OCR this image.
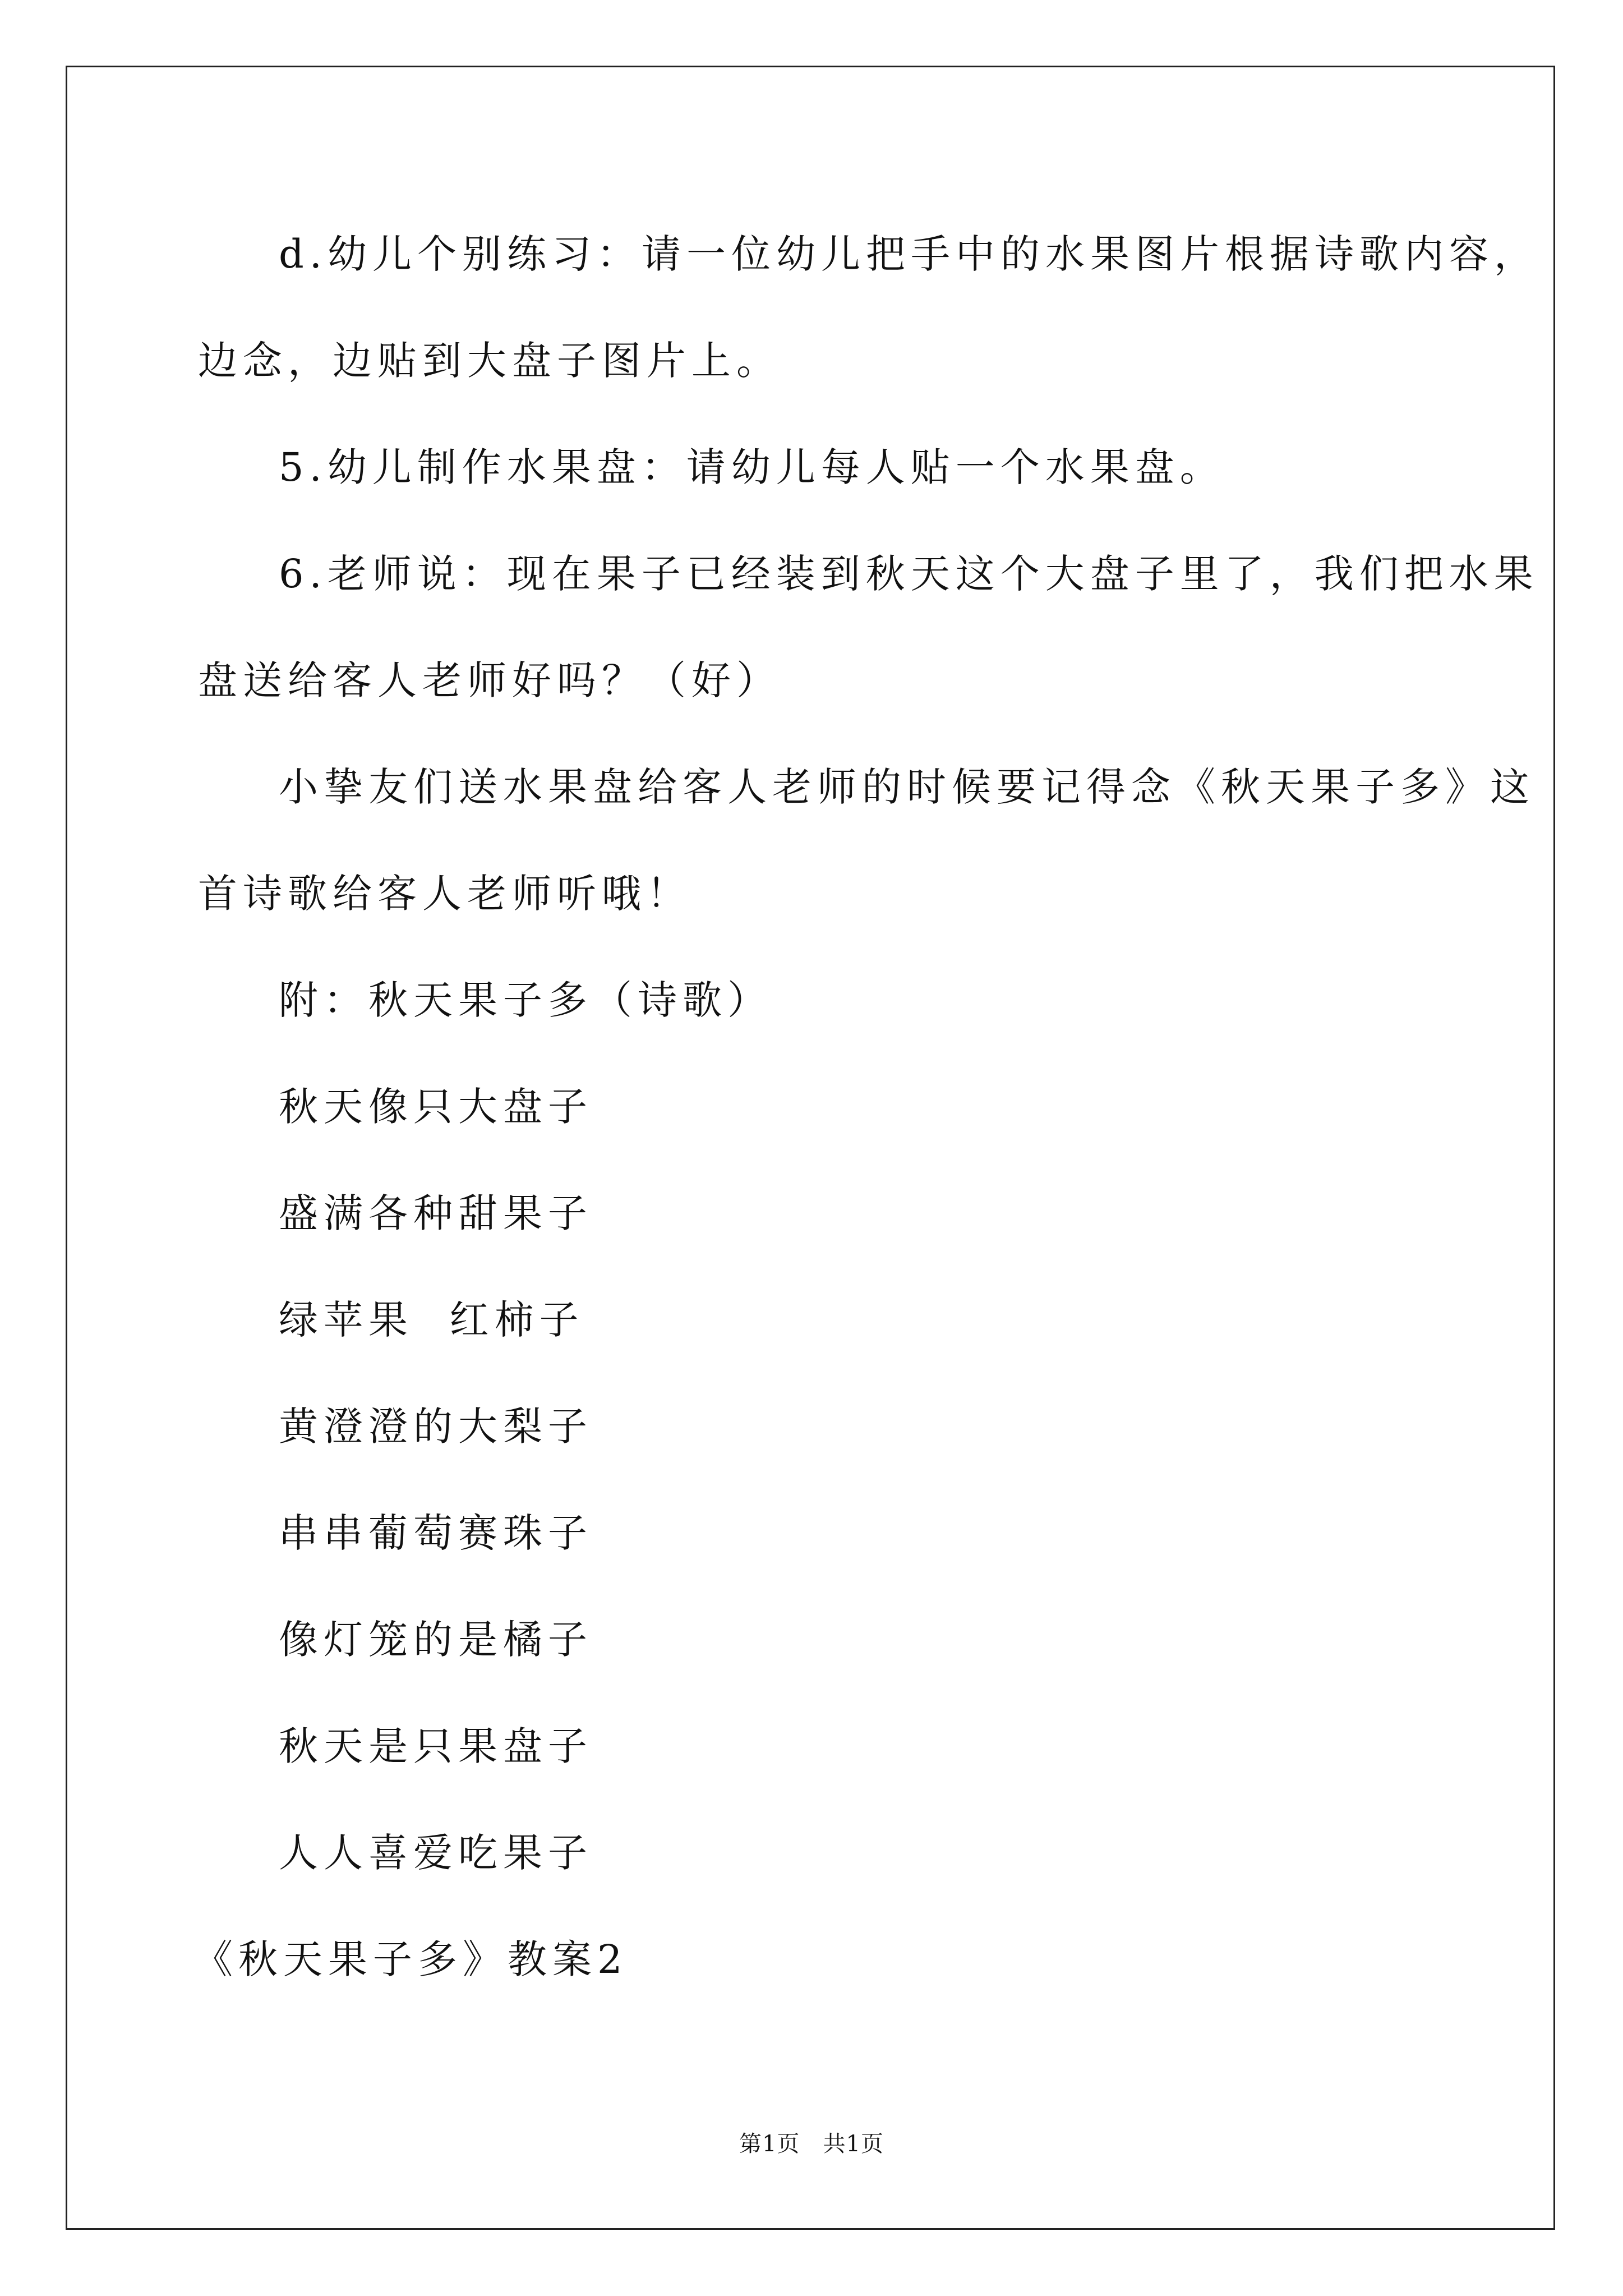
d.幼儿个别练习：请一位幼儿把手中的水果图片根据诗歌内容，
边念，边贴到大盘子图片上。
5.幼儿制作水果盘：请幼儿每人贴一个水果盘。
6.老师说：现在果子已经装到秋天这个大盘子里了，我们把水果
盘送给客人老师好吗？（好）
小挚友们送水果盘给客人老师的时候要记得念《秋天果子多》这
首诗歌给客人老师听哦！
附：秋天果子多（诗歌）
秋天像只大盘子
盛满各种甜果子
绿苹果  红柿子
黄澄澄的大梨子
串串葡萄赛珠子
像灯笼的是橘子
秋天是只果盘子
人人喜爱吃果子
《秋天果子多》教案2
第1页   共1页
